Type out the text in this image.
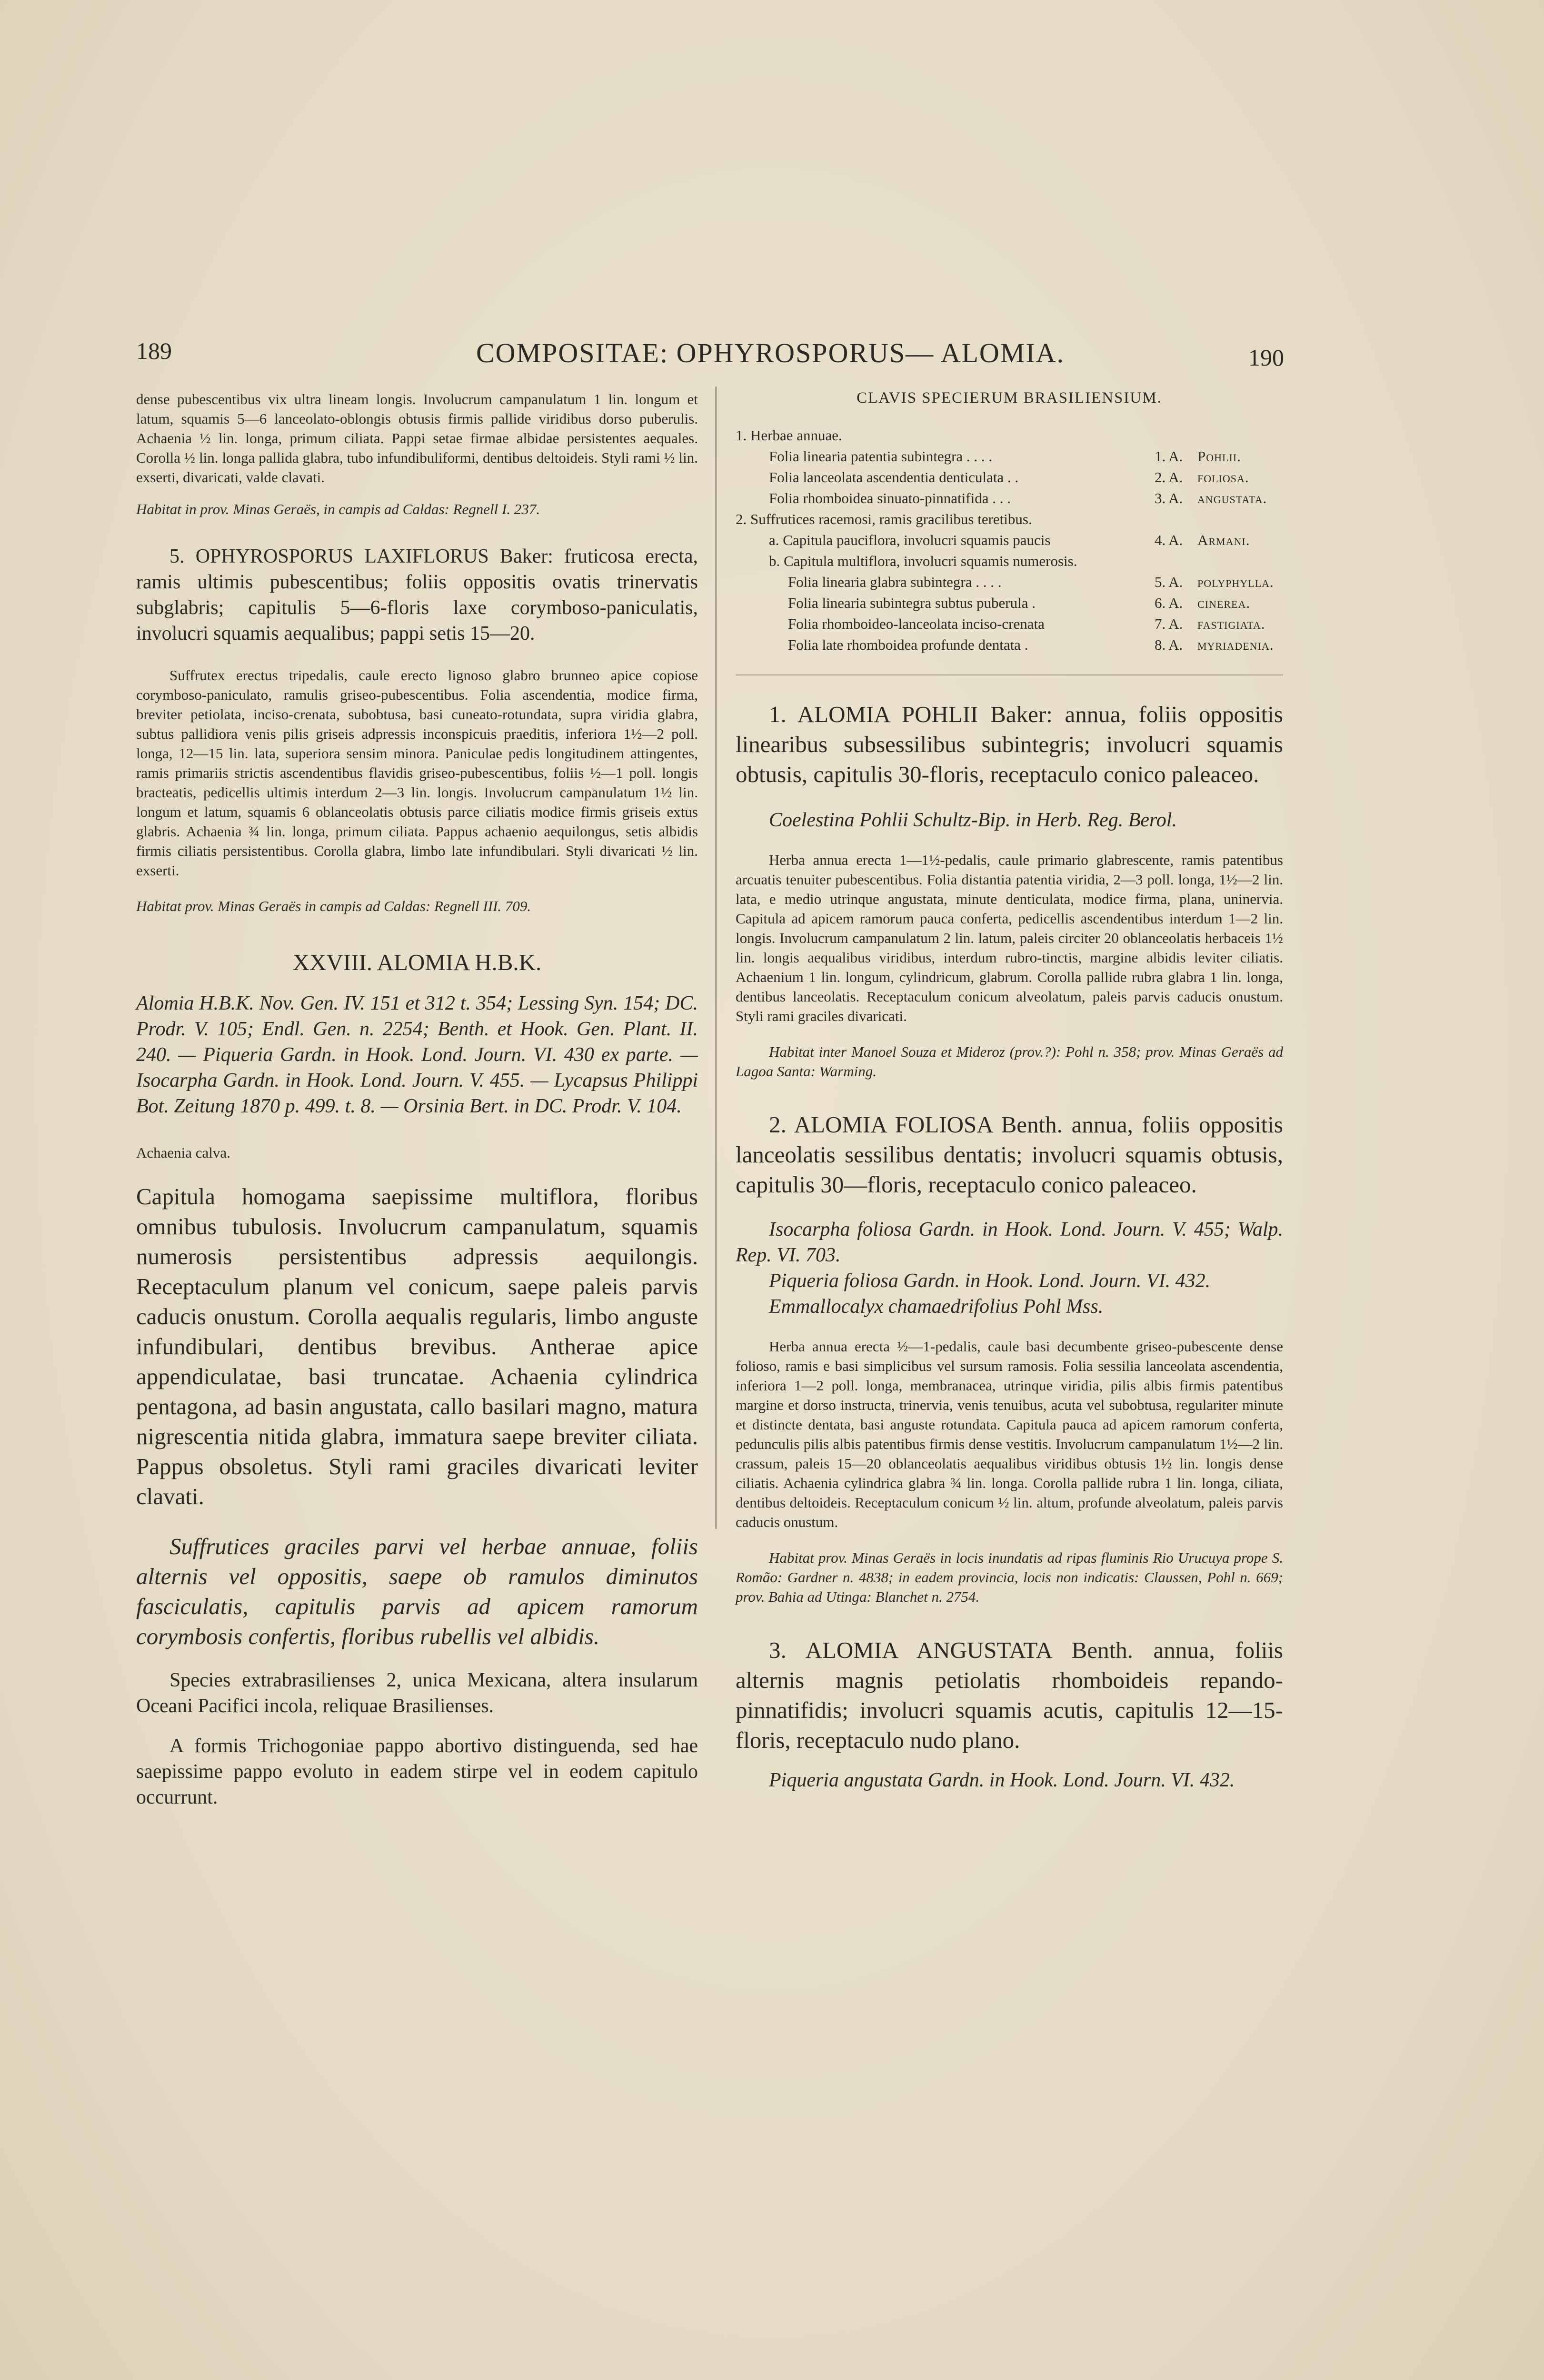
189	COMPOSITAE: OPHYROSPORUS— ALOMIA.	190

dense pubescentibus vix ultra lineam longis. Involucrum campanulatum 1 lin. longum et latum, squamis 5—6 lanceolato-oblongis obtusis firmis pallide viridibus dorso puberulis. Achaenia ½ lin. longa, primum ciliata. Pappi setae firmae albidae persistentes aequales. Corolla ½ lin. longa pallida glabra, tubo infundibuliformi, dentibus deltoideis. Styli rami ½ lin. exserti, divaricati, valde clavati.

Habitat in prov. Minas Geraës, in campis ad Caldas: Regnell I. 237.

5. OPHYROSPORUS LAXIFLORUS Baker: fruticosa erecta, ramis ultimis pubescentibus; foliis oppositis ovatis trinervatis subglabris; capitulis 5—6-floris laxe corymboso-paniculatis, involucri squamis aequalibus; pappi setis 15—20.

Suffrutex erectus tripedalis, caule erecto lignoso glabro brunneo apice copiose corymboso-paniculato, ramulis griseo-pubescentibus. Folia ascendentia, modice firma, breviter petiolata, inciso-crenata, subobtusa, basi cuneato-rotundata, supra viridia glabra, subtus pallidiora venis pilis griseis adpressis inconspicuis praeditis, inferiora 1½—2 poll. longa, 12—15 lin. lata, superiora sensim minora. Paniculae pedis longitudinem attingentes, ramis primariis strictis ascendentibus flavidis griseo-pubescentibus, foliis ½—1 poll. longis bracteatis, pedicellis ultimis interdum 2—3 lin. longis. Involucrum campanulatum 1½ lin. longum et latum, squamis 6 oblanceolatis obtusis parce ciliatis modice firmis griseis extus glabris. Achaenia ¾ lin. longa, primum ciliata. Pappus achaenio aequilongus, setis albidis firmis ciliatis persistentibus. Corolla glabra, limbo late infundibulari. Styli divaricati ½ lin. exserti.

Habitat prov. Minas Geraës in campis ad Caldas: Regnell III. 709.

XXVIII. ALOMIA H.B.K.

Alomia H.B.K. Nov. Gen. IV. 151 et 312 t. 354; Lessing Syn. 154; DC. Prodr. V. 105; Endl. Gen. n. 2254; Benth. et Hook. Gen. Plant. II. 240. — Piqueria Gardn. in Hook. Lond. Journ. VI. 430 ex parte. — Isocarpha Gardn. in Hook. Lond. Journ. V. 455. — Lycapsus Philippi Bot. Zeitung 1870 p. 499. t. 8. — Orsinia Bert. in DC. Prodr. V. 104.

Achaenia calva.

Capitula homogama saepissime multiflora, floribus omnibus tubulosis. Involucrum campanulatum, squamis numerosis persistentibus adpressis aequilongis. Receptaculum planum vel conicum, saepe paleis parvis caducis onustum. Corolla aequalis regularis, limbo anguste infundibulari, dentibus brevibus. Antherae apice appendiculatae, basi truncatae. Achaenia cylindrica pentagona, ad basin angustata, callo basilari magno, matura nigrescentia nitida glabra, immatura saepe breviter ciliata. Pappus obsoletus. Styli rami graciles divaricati leviter clavati.

Suffrutices graciles parvi vel herbae annuae, foliis alternis vel oppositis, saepe ob ramulos diminutos fasciculatis, capitulis parvis ad apicem ramorum corymbosis confertis, floribus rubellis vel albidis.

Species extrabrasilienses 2, unica Mexicana, altera insularum Oceani Pacifici incola, reliquae Brasilienses.

A formis Trichogoniae pappo abortivo distinguenda, sed hae saepissime pappo evoluto in eadem stirpe vel in eodem capitulo occurrunt.

CLAVIS SPECIERUM BRASILIENSIUM.

1. Herbae annuae.		
Folia linearia patentia subintegra . . . .	1. A.	Pohlii.
Folia lanceolata ascendentia denticulata . .	2. A.	foliosa.
Folia rhomboidea sinuato-pinnatifida . . .	3. A.	angustata.
2. Suffrutices racemosi, ramis gracilibus teretibus.		
a. Capitula pauciflora, involucri squamis paucis	4. A.	Armani.
b. Capitula multiflora, involucri squamis numerosis.		
Folia linearia glabra subintegra . . . .	5. A.	polyphylla.
Folia linearia subintegra subtus puberula .	6. A.	cinerea.
Folia rhomboideo-lanceolata inciso-crenata	7. A.	fastigiata.
Folia late rhomboidea profunde dentata .	8. A.	myriadenia.

1. ALOMIA POHLII Baker: annua, foliis oppositis linearibus subsessilibus subintegris; involucri squamis obtusis, capitulis 30-floris, receptaculo conico paleaceo.

Coelestina Pohlii Schultz-Bip. in Herb. Reg. Berol.

Herba annua erecta 1—1½-pedalis, caule primario glabrescente, ramis patentibus arcuatis tenuiter pubescentibus. Folia distantia patentia viridia, 2—3 poll. longa, 1½—2 lin. lata, e medio utrinque angustata, minute denticulata, modice firma, plana, uninervia. Capitula ad apicem ramorum pauca conferta, pedicellis ascendentibus interdum 1—2 lin. longis. Involucrum campanulatum 2 lin. latum, paleis circiter 20 oblanceolatis herbaceis 1½ lin. longis aequalibus viridibus, interdum rubro-tinctis, margine albidis leviter ciliatis. Achaenium 1 lin. longum, cylindricum, glabrum. Corolla pallide rubra glabra 1 lin. longa, dentibus lanceolatis. Receptaculum conicum alveolatum, paleis parvis caducis onustum. Styli rami graciles divaricati.

Habitat inter Manoel Souza et Mideroz (prov.?): Pohl n. 358; prov. Minas Geraës ad Lagoa Santa: Warming.

2. ALOMIA FOLIOSA Benth. annua, foliis oppositis lanceolatis sessilibus dentatis; involucri squamis obtusis, capitulis 30—floris, receptaculo conico paleaceo.

Isocarpha foliosa Gardn. in Hook. Lond. Journ. V. 455; Walp. Rep. VI. 703.

Piqueria foliosa Gardn. in Hook. Lond. Journ. VI. 432.

Emmallocalyx chamaedrifolius Pohl Mss.

Herba annua erecta ½—1-pedalis, caule basi decumbente griseo-pubescente dense folioso, ramis e basi simplicibus vel sursum ramosis. Folia sessilia lanceolata ascendentia, inferiora 1—2 poll. longa, membranacea, utrinque viridia, pilis albis firmis patentibus margine et dorso instructa, trinervia, venis tenuibus, acuta vel subobtusa, regulariter minute et distincte dentata, basi anguste rotundata. Capitula pauca ad apicem ramorum conferta, pedunculis pilis albis patentibus firmis dense vestitis. Involucrum campanulatum 1½—2 lin. crassum, paleis 15—20 oblanceolatis aequalibus viridibus obtusis 1½ lin. longis dense ciliatis. Achaenia cylindrica glabra ¾ lin. longa. Corolla pallide rubra 1 lin. longa, ciliata, dentibus deltoideis. Receptaculum conicum ½ lin. altum, profunde alveolatum, paleis parvis caducis onustum.

Habitat prov. Minas Geraës in locis inundatis ad ripas fluminis Rio Urucuya prope S. Romão: Gardner n. 4838; in eadem provincia, locis non indicatis: Claussen, Pohl n. 669; prov. Bahia ad Utinga: Blanchet n. 2754.

3. ALOMIA ANGUSTATA Benth. annua, foliis alternis magnis petiolatis rhomboideis repando-pinnatifidis; involucri squamis acutis, capitulis 12—15-floris, receptaculo nudo plano.

Piqueria angustata Gardn. in Hook. Lond. Journ. VI. 432.
